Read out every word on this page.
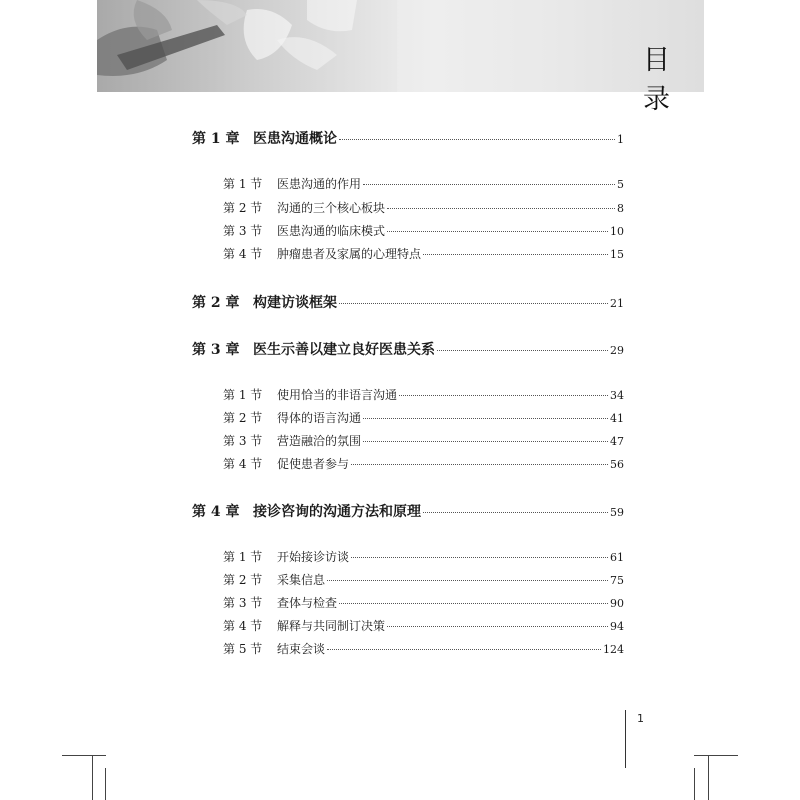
目 录
第 1 章 医患沟通概论	1
第 1 节	医患沟通的作用	5
第 2 节	沟通的三个核心板块	8
第 3 节	医患沟通的临床模式	10
第 4 节	肿瘤患者及家属的心理特点	15
第 2 章 构建访谈框架	21
第 3 章 医生示善以建立良好医患关系	29
第 1 节	使用恰当的非语言沟通	34
第 2 节	得体的语言沟通	41
第 3 节	营造融洽的氛围	47
第 4 节	促使患者参与	56
第 4 章 接诊咨询的沟通方法和原理	59
第 1 节	开始接诊访谈	61
第 2 节	采集信息	75
第 3 节	查体与检查	90
第 4 节	解释与共同制订决策	94
第 5 节	结束会谈	124
1
